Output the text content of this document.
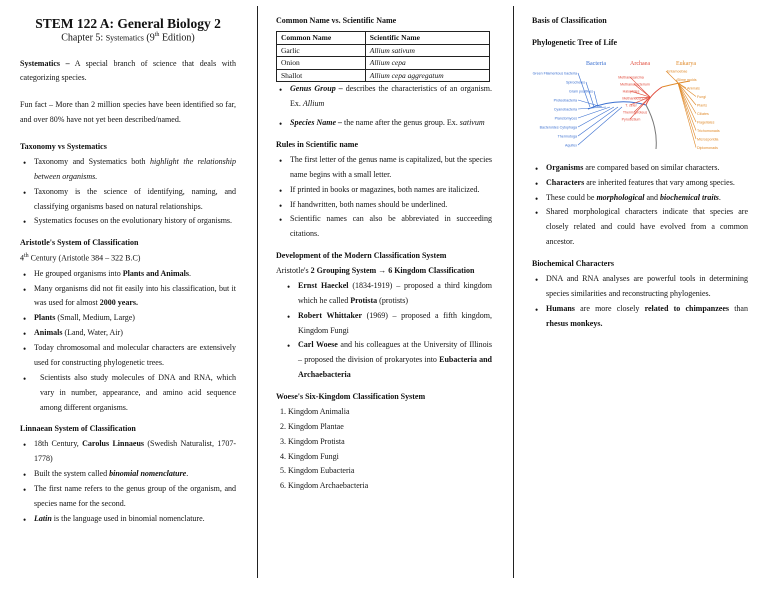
STEM 122 A: General Biology 2
Chapter 5: Systematics (9th Edition)

Systematics – A special branch of science that deals with categorizing species.

Fun fact – More than 2 million species have been identified so far, and over 80% have not yet been described/named.

Taxonomy vs Systematics
• Taxonomy and Systematics both highlight the relationship between organisms.
• Taxonomy is the science of identifying, naming, and classifying organisms based on natural relationships.
• Systematics focuses on the evolutionary history of organisms.
Aristotle's System of Classification

4th Century (Aristotle 384 – 322 B.C)

• He grouped organisms into Plants and Animals.
• Many organisms did not fit easily into his classification, but it was used for almost 2000 years.
• Plants (Small, Medium, Large)
• Animals (Land, Water, Air)
• Today chromosomal and molecular characters are extensively used for constructing phylogenetic trees.
• Scientists also study molecules of DNA and RNA, which vary in number, appearance, and amino acid sequence among different organisms.
Linnaean System of Classification
• 18th Century, Carolus Linnaeus (Swedish Naturalist, 1707-1778)
• Built the system called binomial nomenclature.
• The first name refers to the genus group of the organism, and species name for the second.
• Latin is the language used in binomial nomenclature.
Common Name vs. Scientific Name
Common Name	Scientific Name
Garlic	Allium sativum
Onion	Allium cepa
Shallot	Allium cepa aggregatum
• Genus Group – describes the characteristics of an organism. Ex. Allium
• Species Name – the name after the genus group. Ex. sativum
Rules in Scientific name
• The first letter of the genus name is capitalized, but the species name begins with a small letter.
• If printed in books or magazines, both names are italicized.
• If handwritten, both names should be underlined.
• Scientific names can also be abbreviated in succeeding citations.
Development of the Modern Classification System

Aristotle's 2 Grouping System → 6 Kingdom Classification

• Ernst Haeckel (1834-1919) – proposed a third kingdom which he called Protista (protists)
• Robert Whittaker (1969) – proposed a fifth kingdom, Kingdom Fungi
• Carl Woese and his colleagues at the University of Illinois – proposed the division of prokaryotes into Eubacteria and Archaebacteria
Woese's Six-Kingdom Classification System
1. Kingdom Animalia
2. Kingdom Plantae
3. Kingdom Protista
4. Kingdom Fungi
5. Kingdom Eubacteria
6. Kingdom Archaebacteria
Basis of Classification
Phylogenetic Tree of Life
Bacteria	Archaea	Eukarya
Green Filamentous bacteria
Spirochetes
Gram positives
Proteobacteria
Cyanobacteria
Planctomyces
Bacteroides Cytophaga
Thermotoga
Aquifex
Methanosarcina
Methanobacterium
Halophiles
Methanococcus
T. celer
Thermoproteus
Pyrodictium
Entamoebae
Slime molds
Animals
Fungi
Plants
Ciliates
Flagellates
Trichomonads
Microsporidia
Diplomonads
• Organisms are compared based on similar characters.
• Characters are inherited features that vary among species.
• These could be morphological and biochemical traits.
• Shared morphological characters indicate that species are closely related and could have evolved from a common ancestor.
Biochemical Characters
• DNA and RNA analyses are powerful tools in determining species similarities and reconstructing phylogenies.
• Humans are more closely related to chimpanzees than rhesus monkeys.
